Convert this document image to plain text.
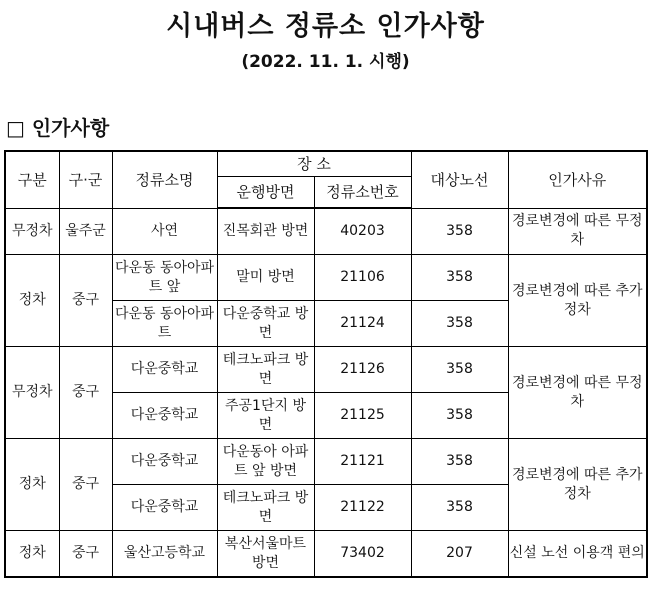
시내버스 정류소 인가사항
(2022. 11. 1. 시행)
□ 인가사항
구분	구·군	정류소명	장 소		대상노선	인가사유
			운행방면	정류소번호		
무정차	울주군	사연	진목회관 방면	40203	358	경로변경에 따른 무정차
정차	중구	다운동 동아아파트 앞	말미 방면	21106	358	경로변경에 따른 추가 정차
		다운동 동아아파트	다운중학교 방면	21124	358	
무정차	중구	다운중학교	테크노파크 방면	21126	358	경로변경에 따른 무정차
		다운중학교	주공1단지 방면	21125	358	
정차	중구	다운중학교	다운동아 아파트 앞 방면	21121	358	경로변경에 따른 추가 정차
		다운중학교	테크노파크 방면	21122	358	
정차	중구	울산고등학교	복산서울마트 방면	73402	207	신설 노선 이용객 편의
